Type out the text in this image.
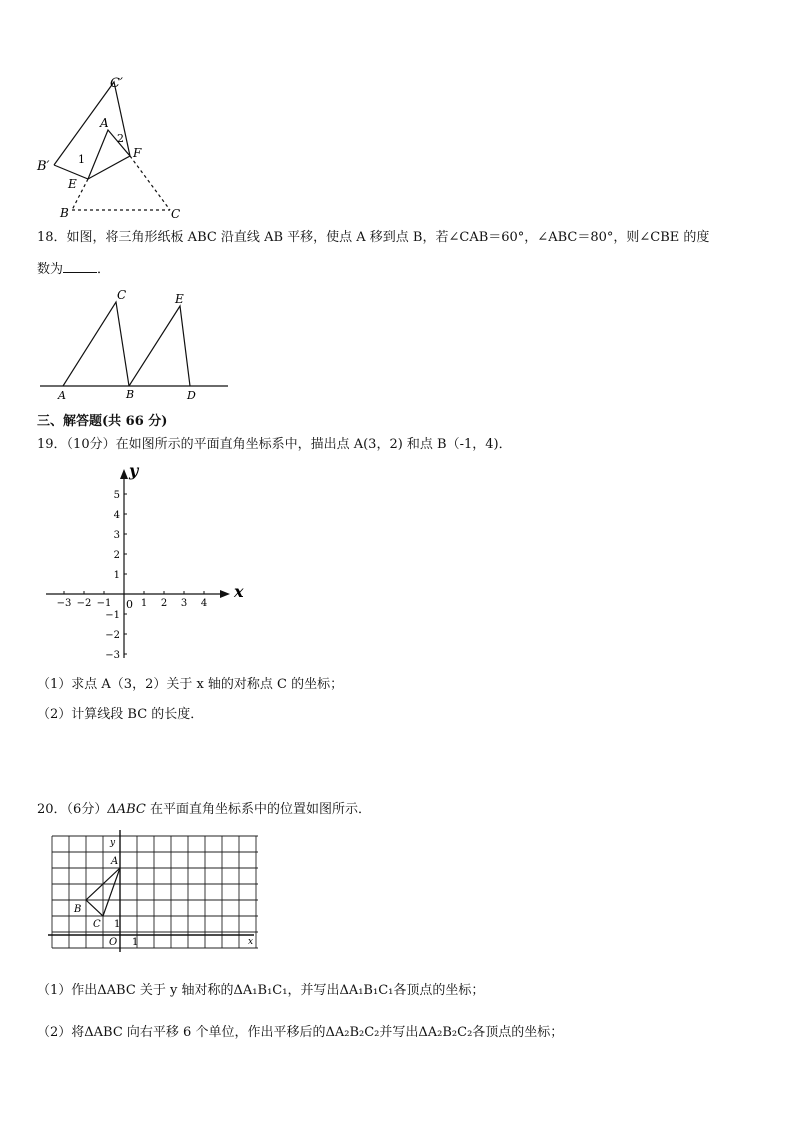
C′
A
2
B′	1	F
E
B	C
18．如图，将三角形纸板 ABC 沿直线 AB 平移，使点 A 移到点 B，若∠CAB＝60°，∠ABC＝80°，则∠CBE 的度
数为	．
C	E
A	B	D
三、解答题(共 66 分)
19．（10分）在如图所示的平面直角坐标系中，描出点 A(3，2) 和点 B（-1，4)．
x
y
0
−3 −2 −1	1 2 3 4
5
4
3
2
1
−1
−2
−3
（1）求点 A（3，2）关于 x 轴的对称点 C 的坐标；
（2）计算线段 BC 的长度．
20．（6分）ΔABC 在平面直角坐标系中的位置如图所示．
y
A
B
C 1
O 1	x
（1）作出ΔABC 关于 y 轴对称的ΔA₁B₁C₁，并写出ΔA₁B₁C₁各顶点的坐标；
（2）将ΔABC 向右平移 6 个单位，作出平移后的ΔA₂B₂C₂并写出ΔA₂B₂C₂各顶点的坐标；
